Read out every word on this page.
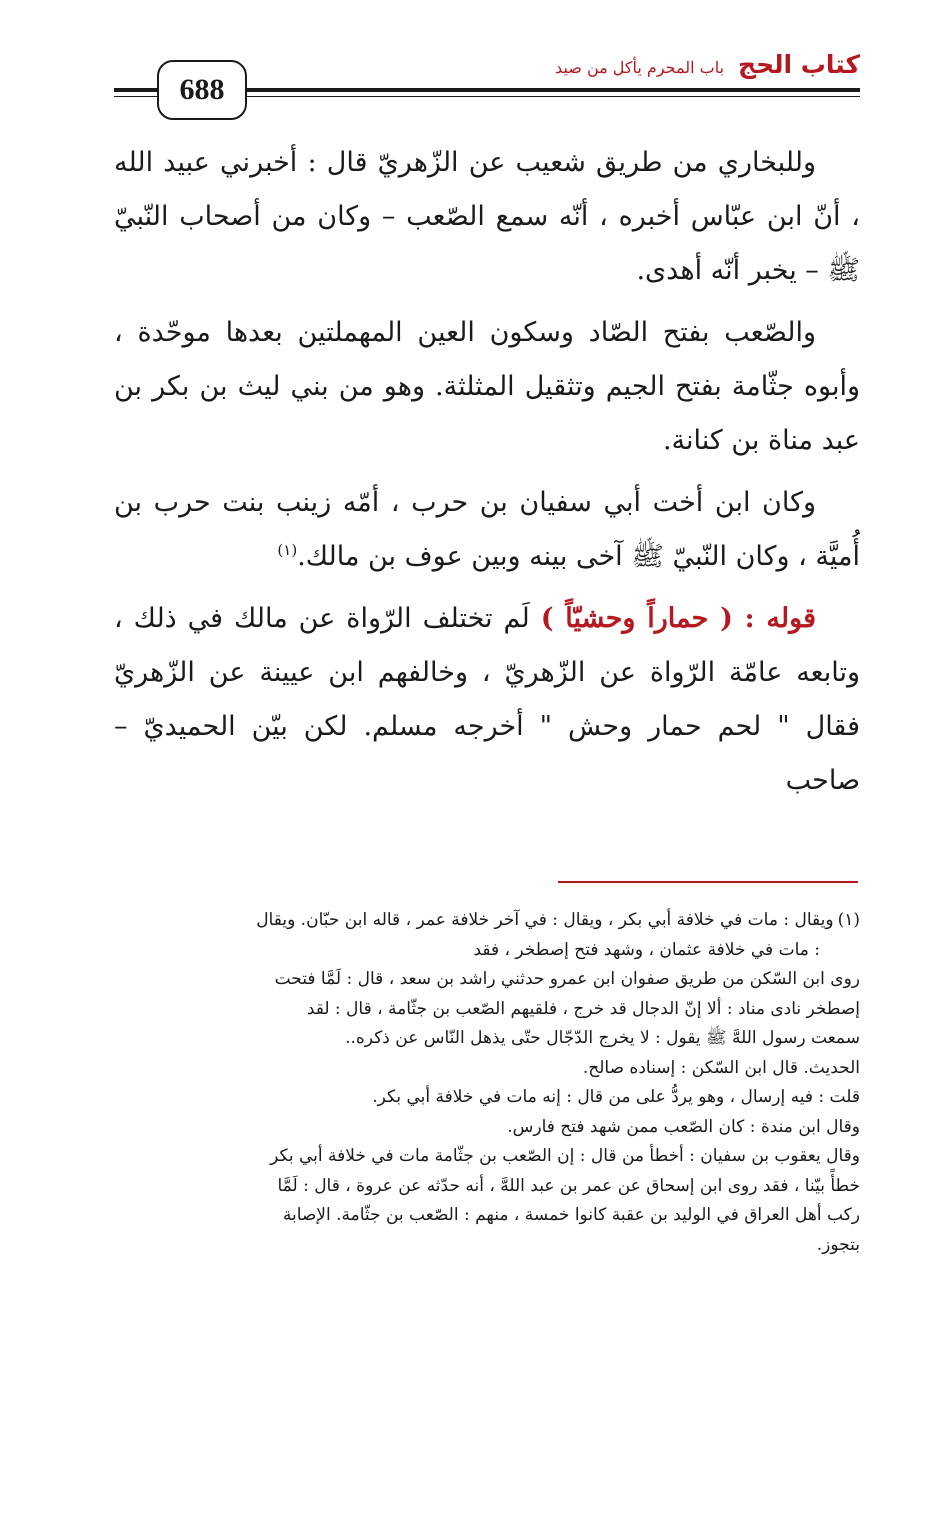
كتاب الحج
باب المحرم يأكل من صيد
688

وللبخاري من طريق شعيب عن الزّهريّ قال : أخبرني عبيد الله ، أنّ ابن عبّاس أخبره ، أنّه سمع الصّعب – وكان من أصحاب النّبيّ ﷺ – يخبر أنّه أهدى.

والصّعب بفتح الصّاد وسكون العين المهملتين بعدها موحّدة ، وأبوه جثّامة بفتح الجيم وتثقيل المثلثة. وهو من بني ليث بن بكر بن عبد مناة بن كنانة.

وكان ابن أخت أبي سفيان بن حرب ، أمّه زينب بنت حرب بن أُميَّة ، وكان النّبيّ ﷺ آخى بينه وبين عوف بن مالك.$^{(١)}$

قوله : ( حماراً وحشيّاً ) لَم تختلف الرّواة عن مالك في ذلك ، وتابعه عامّة الرّواة عن الزّهريّ ، وخالفهم ابن عيينة عن الزّهريّ فقال " لحم حمار وحش " أخرجه مسلم. لكن بيّن الحميديّ – صاحب

(١)ويقال : مات في خلافة أبي بكر ، ويقال : في آخر خلافة عمر ، قاله ابن حبّان. ويقال

: مات في خلافة عثمان ، وشهد فتح إصطخر ، فقد

روى ابن السّكن من طريق صفوان ابن عمرو حدثني راشد بن سعد ، قال : لَمَّا فتحت

إصطخر نادى مناد : ألا إنّ الدجال قد خرج ، فلقيهم الصّعب بن جثّامة ، قال : لقد

سمعت رسول اللهَّ ﷺ يقول : لا يخرج الدّجّال حتّى يذهل النّاس عن ذكره..

الحديث. قال ابن السّكن : إسناده صالح.

قلت : فيه إرسال ، وهو يردُّ على من قال : إنه مات في خلافة أبي بكر.

وقال ابن مندة : كان الصّعب ممن شهد فتح فارس.

وقال يعقوب بن سفيان : أخطأ من قال : إن الصّعب بن جثّامة مات في خلافة أبي بكر

خطأً بيّنا ، فقد روى ابن إسحاق عن عمر بن عبد اللهَّ ، أنه حدّثه عن عروة ، قال : لَمَّا

ركب أهل العراق في الوليد بن عقبة كانوا خمسة ، منهم : الصّعب بن جثّامة. الإصابة

بتجوز.
